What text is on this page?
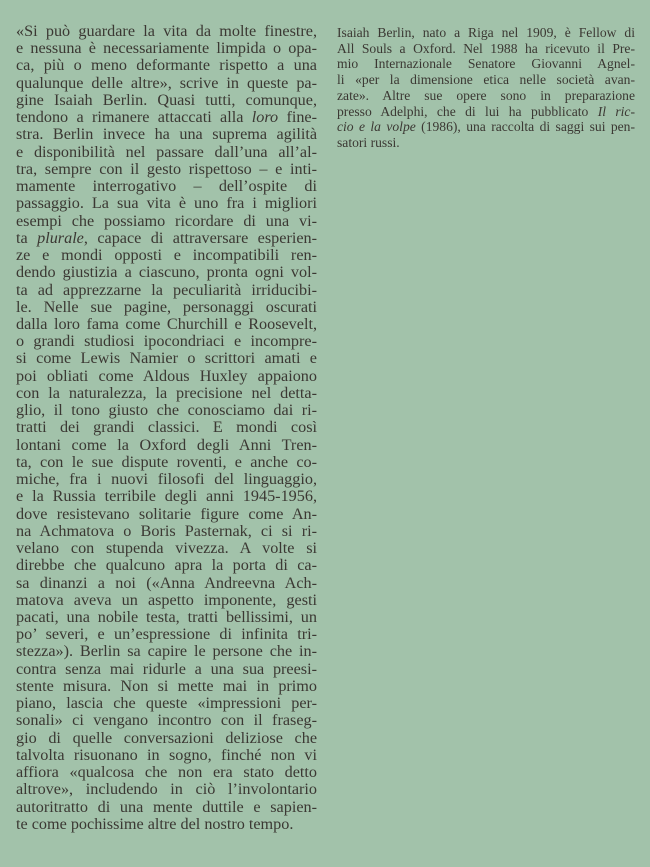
«Si può guardare la vita da molte finestre,
e nessuna è necessariamente limpida o opa-
ca, più o meno deformante rispetto a una
qualunque delle altre», scrive in queste pa-
gine Isaiah Berlin. Quasi tutti, comunque,
tendono a rimanere attaccati alla loro fine-
stra. Berlin invece ha una suprema agilità
e disponibilità nel passare dall’una all’al-
tra, sempre con il gesto rispettoso – e inti-
mamente interrogativo – dell’ospite di
passaggio. La sua vita è uno fra i migliori
esempi che possiamo ricordare di una vi-
ta plurale, capace di attraversare esperien-
ze e mondi opposti e incompatibili ren-
dendo giustizia a ciascuno, pronta ogni vol-
ta ad apprezzarne la peculiarità irriducibi-
le. Nelle sue pagine, personaggi oscurati
dalla loro fama come Churchill e Roosevelt,
o grandi studiosi ipocondriaci e incompre-
si come Lewis Namier o scrittori amati e
poi obliati come Aldous Huxley appaiono
con la naturalezza, la precisione nel detta-
glio, il tono giusto che conosciamo dai ri-
tratti dei grandi classici. E mondi così
lontani come la Oxford degli Anni Tren-
ta, con le sue dispute roventi, e anche co-
miche, fra i nuovi filosofi del linguaggio,
e la Russia terribile degli anni 1945-1956,
dove resistevano solitarie figure come An-
na Achmatova o Boris Pasternak, ci si ri-
velano con stupenda vivezza. A volte si
direbbe che qualcuno apra la porta di ca-
sa dinanzi a noi («Anna Andreevna Ach-
matova aveva un aspetto imponente, gesti
pacati, una nobile testa, tratti bellissimi, un
po’ severi, e un’espressione di infinita tri-
stezza»). Berlin sa capire le persone che in-
contra senza mai ridurle a una sua preesi-
stente misura. Non si mette mai in primo
piano, lascia che queste «impressioni per-
sonali» ci vengano incontro con il fraseg-
gio di quelle conversazioni deliziose che
talvolta risuonano in sogno, finché non vi
affiora «qualcosa che non era stato detto
altrove», includendo in ciò l’involontario
autoritratto di una mente duttile e sapien-
te come pochissime altre del nostro tempo.
Isaiah Berlin, nato a Riga nel 1909, è Fellow di
All Souls a Oxford. Nel 1988 ha ricevuto il Pre-
mio Internazionale Senatore Giovanni Agnel-
li «per la dimensione etica nelle società avan-
zate». Altre sue opere sono in preparazione
presso Adelphi, che di lui ha pubblicato Il ric-
cio e la volpe (1986), una raccolta di saggi sui pen-
satori russi.
